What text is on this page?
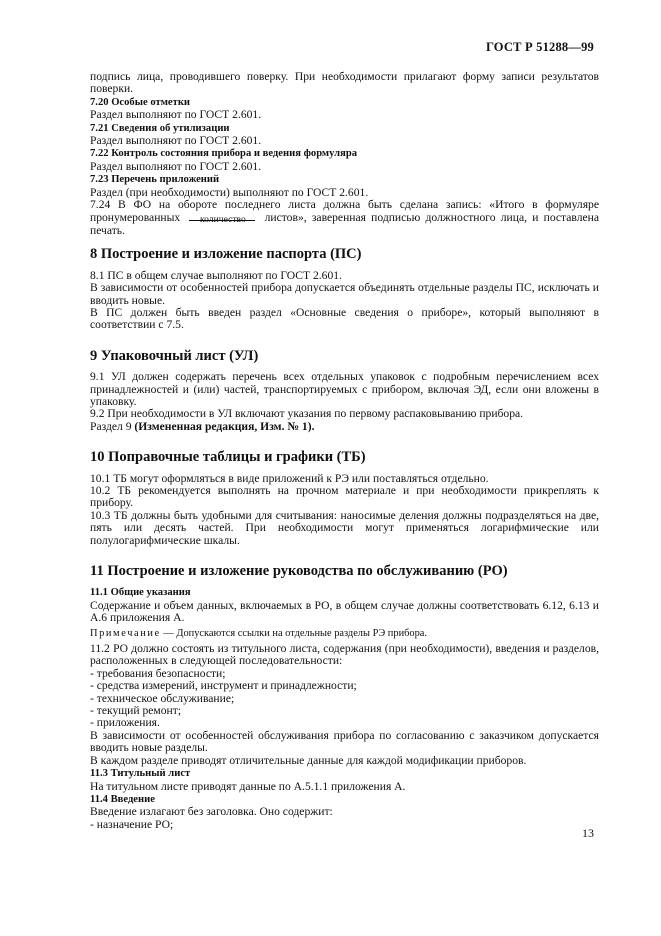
ГОСТ Р 51288—99

подпись лица, проводившего поверку. При необходимости прилагают форму записи результатов поверки.

7.20 Особые отметки

Раздел выполняют по ГОСТ 2.601.

7.21 Сведения об утилизации

Раздел выполняют по ГОСТ 2.601.

7.22 Контроль состояния прибора и ведения формуляра

Раздел выполняют по ГОСТ 2.601.

7.23 Перечень приложений

Раздел (при необходимости) выполняют по ГОСТ 2.601.

7.24 В ФО на обороте последнего листа должна быть сделана запись: «Итого в формуляре пронумерованных	листов», заверенная подписью должностного лица, и поставлена печать.

количество
8 Построение и изложение паспорта (ПС)

8.1 ПС в общем случае выполняют по ГОСТ 2.601.

В зависимости от особенностей прибора допускается объединять отдельные разделы ПС, исключать и вводить новые.

В ПС должен быть введен раздел «Основные сведения о приборе», который выполняют в соответствии с 7.5.

9 Упаковочный лист (УЛ)

9.1 УЛ должен содержать перечень всех отдельных упаковок с подробным перечислением всех принадлежностей и (или) частей, транспортируемых с прибором, включая ЭД, если они вложены в упаковку.

9.2 При необходимости в УЛ включают указания по первому распаковыванию прибора.

Раздел 9 (Измененная редакция, Изм. № 1).

10 Поправочные таблицы и графики (ТБ)

10.1 ТБ могут оформляться в виде приложений к РЭ или поставляться отдельно.

10.2 ТБ рекомендуется выполнять на прочном материале и при необходимости прикреплять к прибору.

10.3 ТБ должны быть удобными для считывания: наносимые деления должны подразделяться на две, пять или десять частей. При необходимости могут применяться логарифмические или полулогарифмические шкалы.

11 Построение и изложение руководства по обслуживанию (РО)

11.1 Общие указания

Содержание и объем данных, включаемых в РО, в общем случае должны соответствовать 6.12, 6.13 и А.6 приложения А.

Примечание — Допускаются ссылки на отдельные разделы РЭ прибора.

11.2 РО должно состоять из титульного листа, содержания (при необходимости), введения и разделов, расположенных в следующей последовательности:

- требования безопасности;
- средства измерений, инструмент и принадлежности;
- техническое обслуживание;
- текущий ремонт;
- приложения.

В зависимости от особенностей обслуживания прибора по согласованию с заказчиком допускается вводить новые разделы.

В каждом разделе приводят отличительные данные для каждой модификации приборов.

11.3 Титульный лист

На титульном листе приводят данные по А.5.1.1 приложения А.

11.4 Введение

Введение излагают без заголовка. Оно содержит:

- назначение РО;

13
